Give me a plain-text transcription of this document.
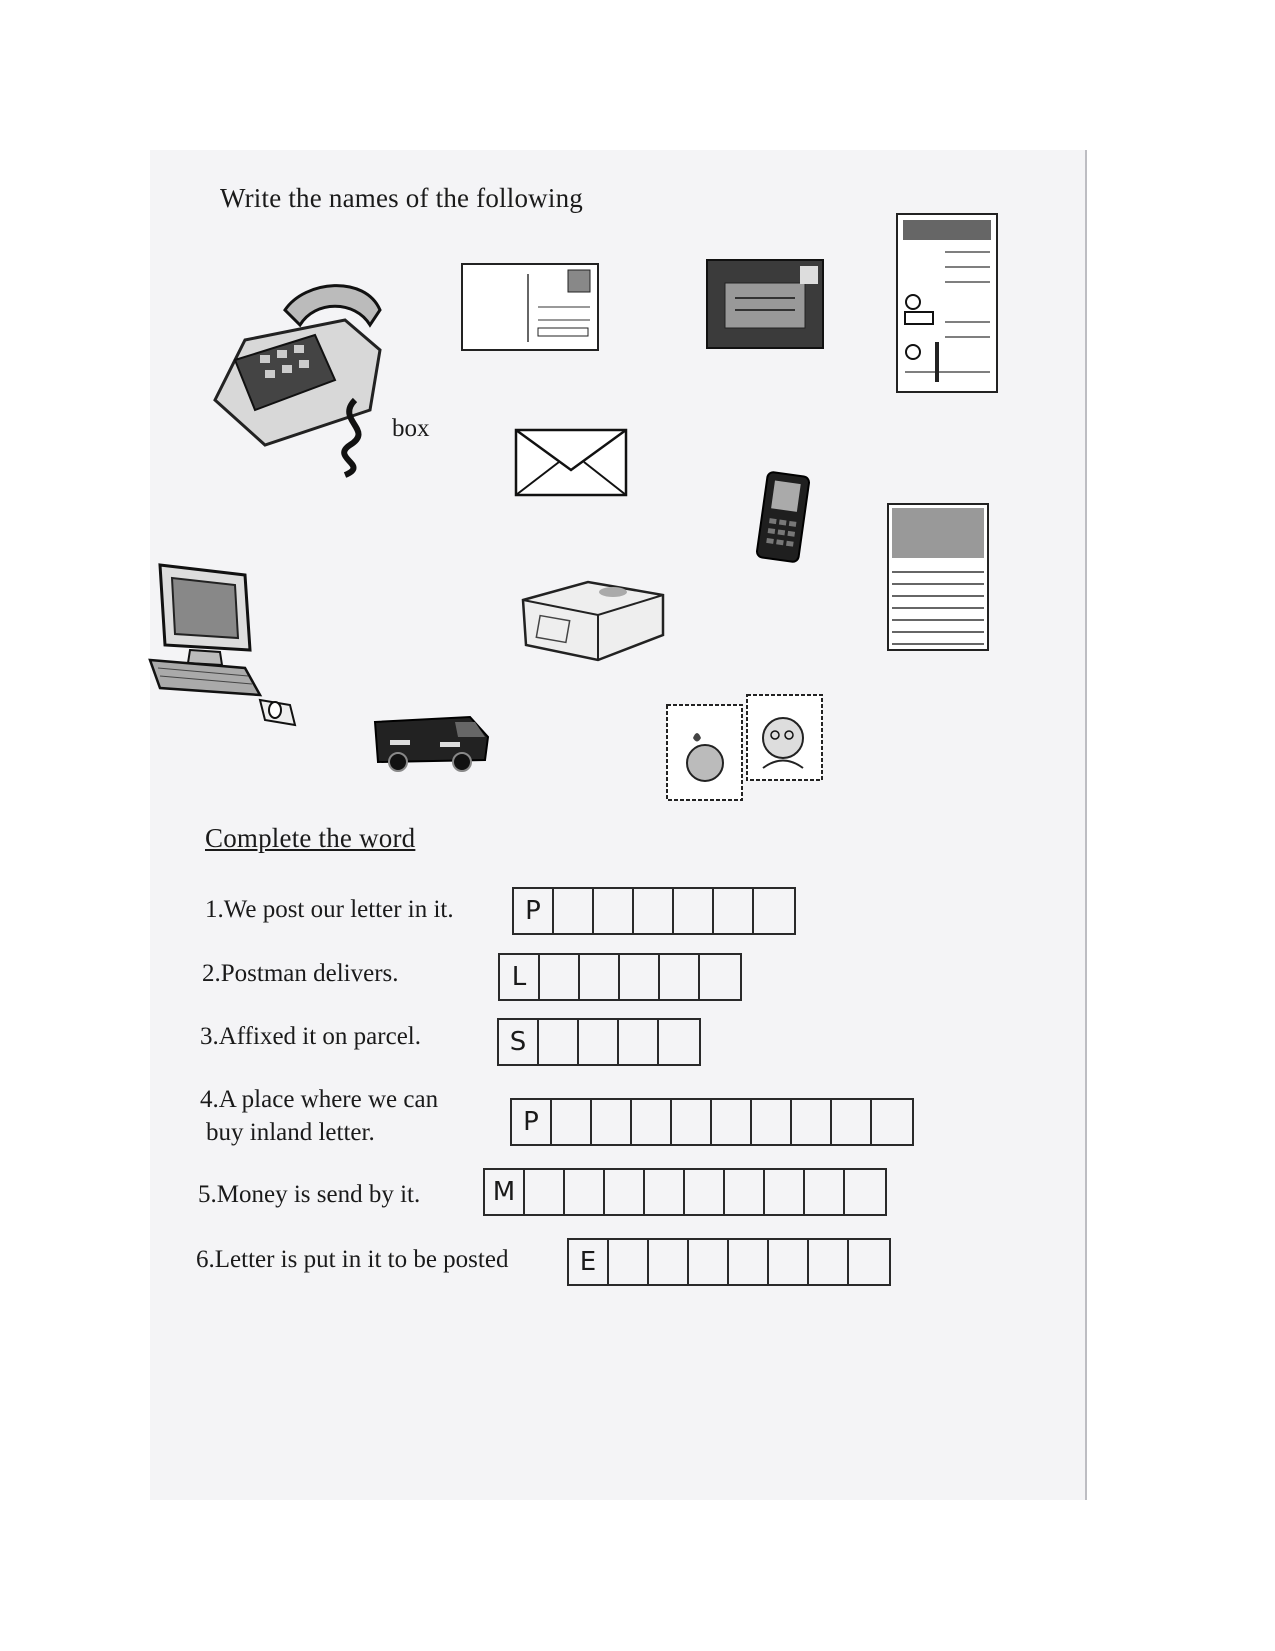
Write the names of the following
Complete the word
box
1.We post our letter in it.	P
2.Postman delivers.	L
3.Affixed it on parcel.	S
4.A place where we can
buy inland letter.	P
5.Money is send by it.	M
6.Letter is put in it to be posted	E
